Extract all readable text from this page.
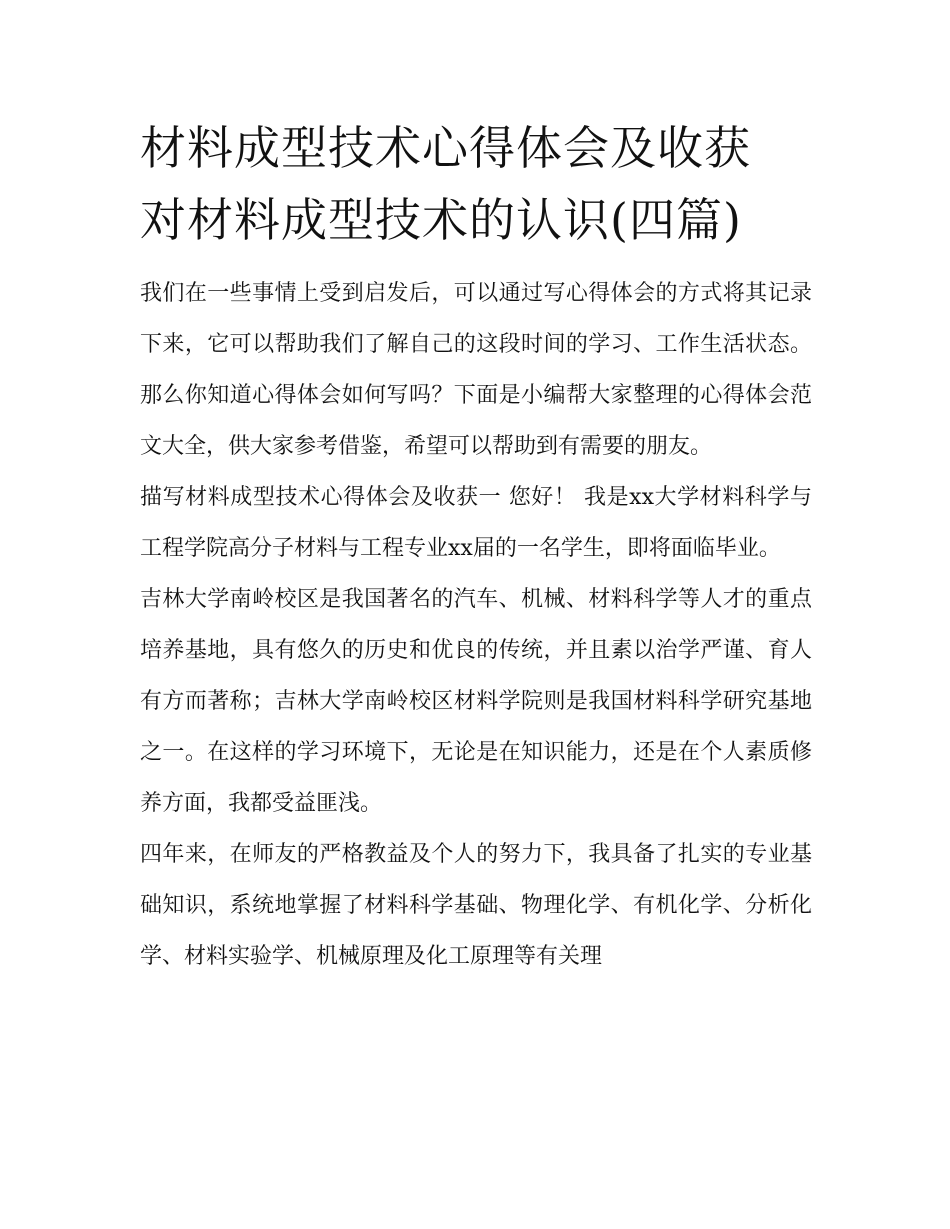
材料成型技术心得体会及收获
对材料成型技术的认识(四篇)

我们在一些事情上受到启发后，可以通过写心得体会的方式将其记录下来，它可以帮助我们了解自己的这段时间的学习、工作生活状态。那么你知道心得体会如何写吗？下面是小编帮大家整理的心得体会范文大全，供大家参考借鉴，希望可以帮助到有需要的朋友。

描写材料成型技术心得体会及收获一 您好！ 我是xx大学材料科学与工程学院高分子材料与工程专业xx届的一名学生，即将面临毕业。

吉林大学南岭校区是我国著名的汽车、机械、材料科学等人才的重点培养基地，具有悠久的历史和优良的传统，并且素以治学严谨、育人有方而著称；吉林大学南岭校区材料学院则是我国材料科学研究基地之一。在这样的学习环境下，无论是在知识能力，还是在个人素质修养方面，我都受益匪浅。

四年来，在师友的严格教益及个人的努力下，我具备了扎实的专业基础知识，系统地掌握了材料科学基础、物理化学、有机化学、分析化学、材料实验学、机械原理及化工原理等有关理
